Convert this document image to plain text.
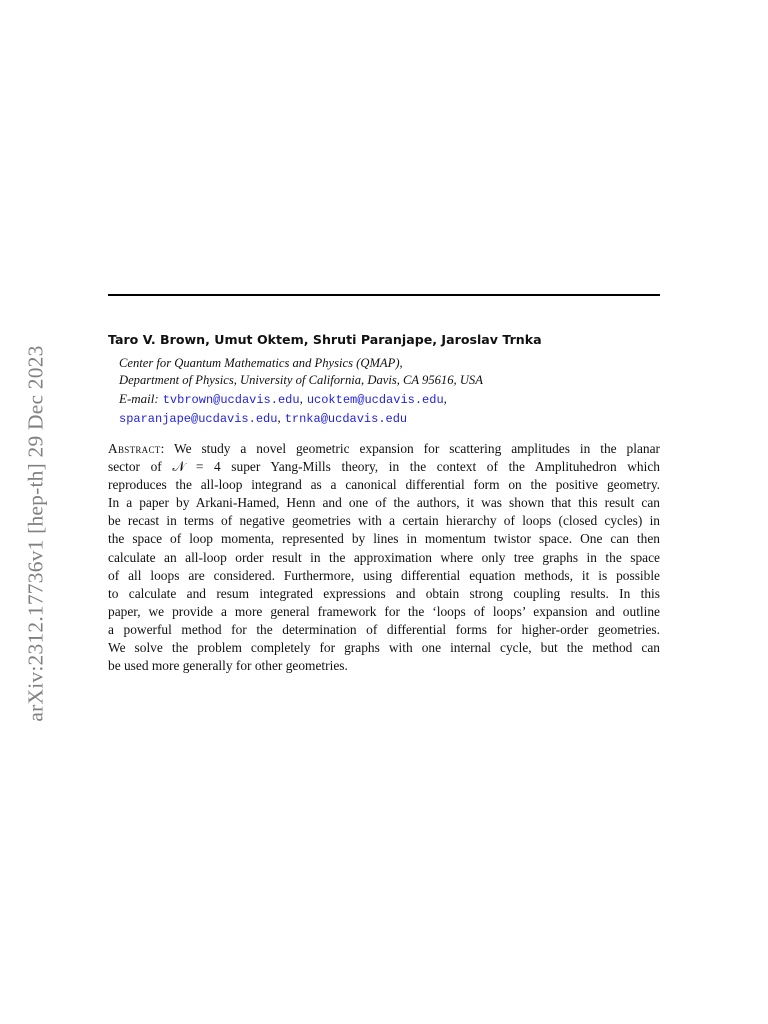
arXiv:2312.17736v1 [hep-th] 29 Dec 2023
Taro V. Brown, Umut Oktem, Shruti Paranjape, Jaroslav Trnka
Center for Quantum Mathematics and Physics (QMAP),
Department of Physics, University of California, Davis, CA 95616, USA
E-mail: tvbrown@ucdavis.edu, ucoktem@ucdavis.edu,
sparanjape@ucdavis.edu, trnka@ucdavis.edu
Abstract: We study a novel geometric expansion for scattering amplitudes in the planar
sector of 𝒩 = 4 super Yang-Mills theory, in the context of the Amplituhedron which
reproduces the all-loop integrand as a canonical differential form on the positive geometry.
In a paper by Arkani-Hamed, Henn and one of the authors, it was shown that this result can
be recast in terms of negative geometries with a certain hierarchy of loops (closed cycles) in
the space of loop momenta, represented by lines in momentum twistor space. One can then
calculate an all-loop order result in the approximation where only tree graphs in the space
of all loops are considered. Furthermore, using differential equation methods, it is possible
to calculate and resum integrated expressions and obtain strong coupling results. In this
paper, we provide a more general framework for the ‘loops of loops’ expansion and outline
a powerful method for the determination of differential forms for higher-order geometries.
We solve the problem completely for graphs with one internal cycle, but the method can
be used more generally for other geometries.
